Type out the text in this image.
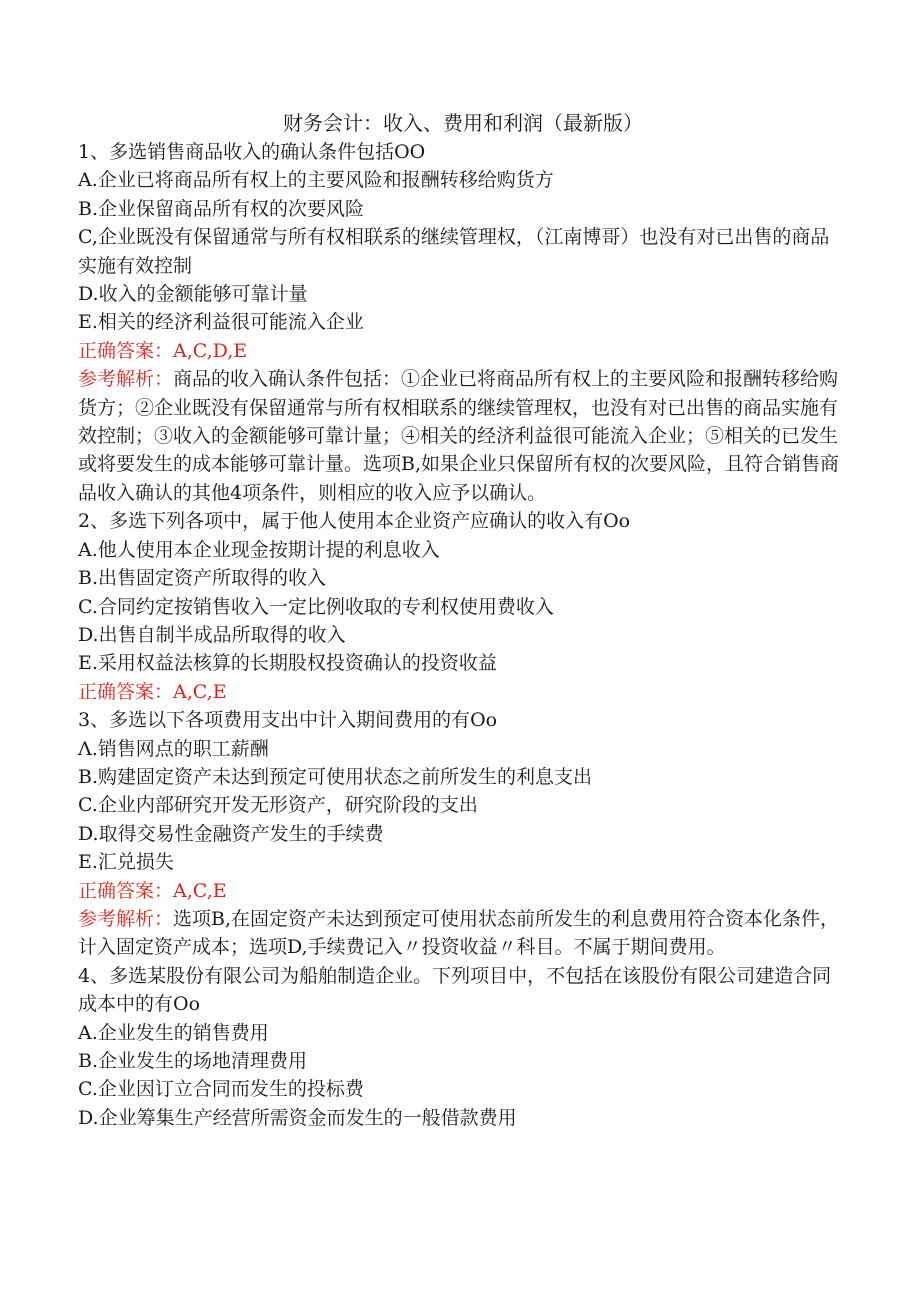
财务会计：收入、费用和利润（最新版）

1、多选销售商品收入的确认条件包括OO

A.企业已将商品所有权上的主要风险和报酬转移给购货方

B.企业保留商品所有权的次要风险

C,企业既没有保留通常与所有权相联系的继续管理权，（江南博哥）也没有对已出售的商品实施有效控制

D.收入的金额能够可靠计量

E.相关的经济利益很可能流入企业

正确答案：A,C,D,E

参考解析：商品的收入确认条件包括：①企业已将商品所有权上的主要风险和报酬转移给购货方；②企业既没有保留通常与所有权相联系的继续管理权，也没有对已出售的商品实施有效控制；③收入的金额能够可靠计量；④相关的经济利益很可能流入企业；⑤相关的已发生或将要发生的成本能够可靠计量。选项B,如果企业只保留所有权的次要风险，且符合销售商品收入确认的其他4项条件，则相应的收入应予以确认。

2、多选下列各项中，属于他人使用本企业资产应确认的收入有Oo

A.他人使用本企业现金按期计提的利息收入

B.出售固定资产所取得的收入

C.合同约定按销售收入一定比例收取的专利权使用费收入

D.出售自制半成品所取得的收入

E.采用权益法核算的长期股权投资确认的投资收益

正确答案：A,C,E

3、多选以下各项费用支出中计入期间费用的有Oo

Λ.销售网点的职工薪酬

B.购建固定资产未达到预定可使用状态之前所发生的利息支出

C.企业内部研究开发无形资产，研究阶段的支出

D.取得交易性金融资产发生的手续费

E.汇兑损失

正确答案：A,C,E

参考解析：选项B,在固定资产未达到预定可使用状态前所发生的利息费用符合资本化条件，计入固定资产成本；选项D,手续费记入〃投资收益〃科目。不属于期间费用。

4、多选某股份有限公司为船舶制造企业。下列项目中，不包括在该股份有限公司建造合同成本中的有Oo

A.企业发生的销售费用

B.企业发生的场地清理费用

C.企业因订立合同而发生的投标费

D.企业筹集生产经营所需资金而发生的一般借款费用
